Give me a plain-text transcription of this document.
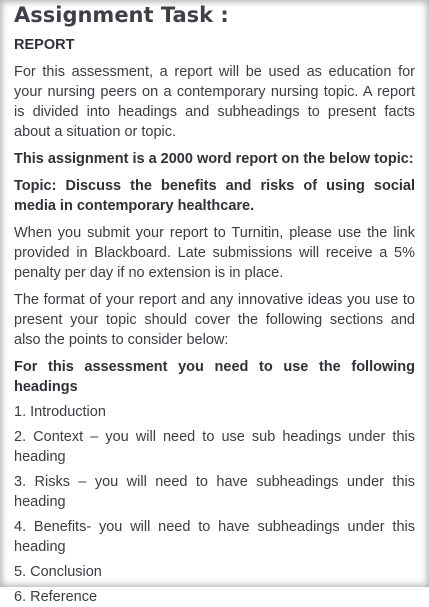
Assignment Task :
REPORT

For this assessment, a report will be used as education for your nursing peers on a contemporary nursing topic. A report is divided into headings and subheadings to present facts about a situation or topic.

This assignment is a 2000 word report on the below topic:

Topic: Discuss the benefits and risks of using social media in contemporary healthcare.

When you submit your report to Turnitin, please use the link provided in Blackboard. Late submissions will receive a 5% penalty per day if no extension is in place.

The format of your report and any innovative ideas you use to present your topic should cover the following sections and also the points to consider below:

For this assessment you need to use the following headings

1. Introduction

2. Context – you will need to use sub headings under this heading

3. Risks – you will need to have subheadings under this heading

4. Benefits- you will need to have subheadings under this heading

5. Conclusion

6. Reference
